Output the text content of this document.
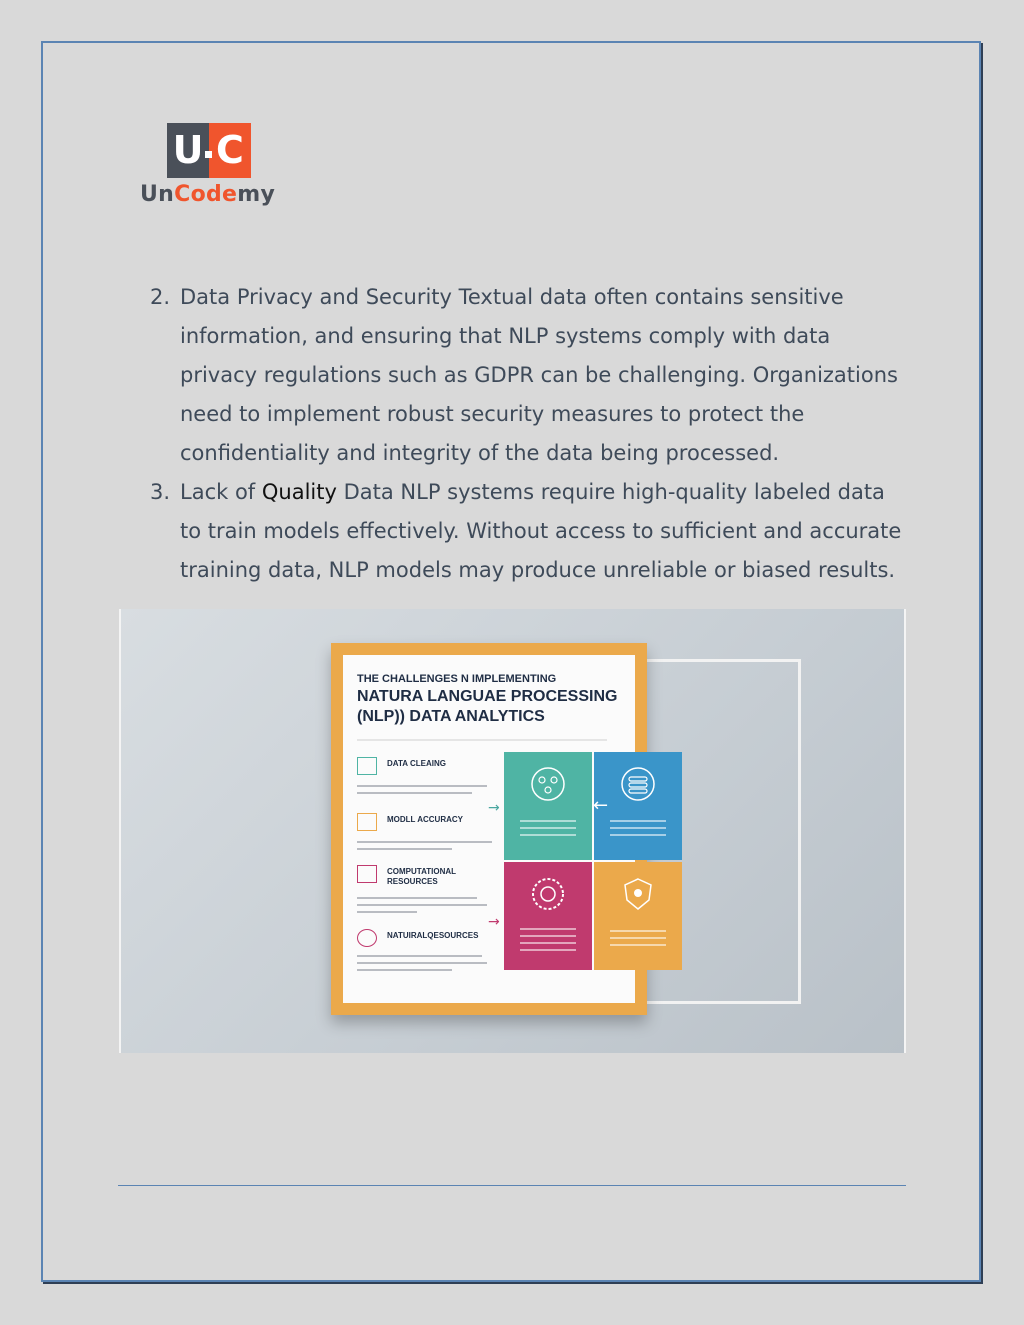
U C
UnCodemy
2. Data Privacy and Security Textual data often contains sensitive information, and ensuring that NLP systems comply with data privacy regulations such as GDPR can be challenging. Organizations need to implement robust security measures to protect the confidentiality and integrity of the data being processed.
3. Lack of Quality Data NLP systems require high-quality labeled data to train models effectively. Without access to sufficient and accurate training data, NLP models may produce unreliable or biased results.
THE CHALLENGES N IMPLEMENTING
NATURA LANGUAE PROCESSING
(NLP)) DATA ANALYTICS
DATA CLEAING
MODLL ACCURACY
COMPUTATIONAL RESOURCES
NATUIRALQESOURCES
→
→
←
